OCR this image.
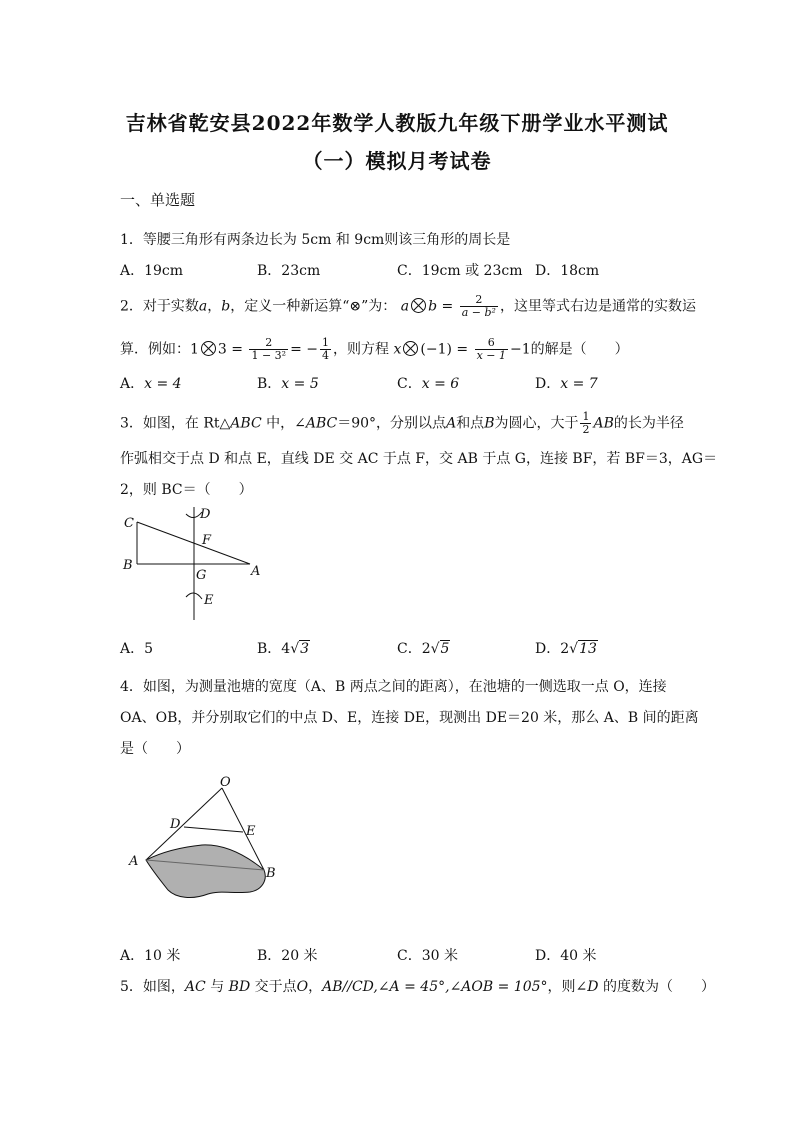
吉林省乾安县2022年数学人教版九年级下册学业水平测试
（一）模拟月考试卷
一、单选题
1．等腰三角形有两条边长为 5cm 和 9cm则该三角形的周长是
A．19cm	B．23cm	C．19cm 或 23cm D．18cm
2．对于实数a，b，定义一种新运算“⊗”为： a $b = \frac{2}{\text{a − b²}}$ ，这里等式右边是通常的实数运
算．例如：1 $3 = \frac{2}{\text{1 − 3²}}$ = − $\frac{1}{4}$ ，则方程 x $(-1) = \frac{6}{x - 1} -1$的解是（　　）
A．x = 4	B．x = 5	C．x = 6	D．x = 7
3．如图，在 Rt△ABC 中，∠ABC＝90°，分别以点A和点B为圆心，大于 $\frac{1}{2}$ AB的长为半径
作弧相交于点 D 和点 E，直线 DE 交 AC 于点 F，交 AB 于点 G，连接 BF，若 BF＝3，AG＝
2，则 BC＝（　　）
C
B	A
D
F
G
E
A．5	B．4√3	C．2√5	D．2√13
4．如图，为测量池塘的宽度（A、B 两点之间的距离），在池塘的一侧选取一点 O，连接
OA、OB，并分别取它们的中点 D、E，连接 DE，现测出 DE＝20 米，那么 A、B 间的距离
是（　　）
O
D	E
A
B
A．10 米	B．20 米	C．30 米	D．40 米
5．如图，AC 与 BD 交于点O，AB//CD,∠A = 45°,∠AOB = 105°，则∠D 的度数为（　　）
